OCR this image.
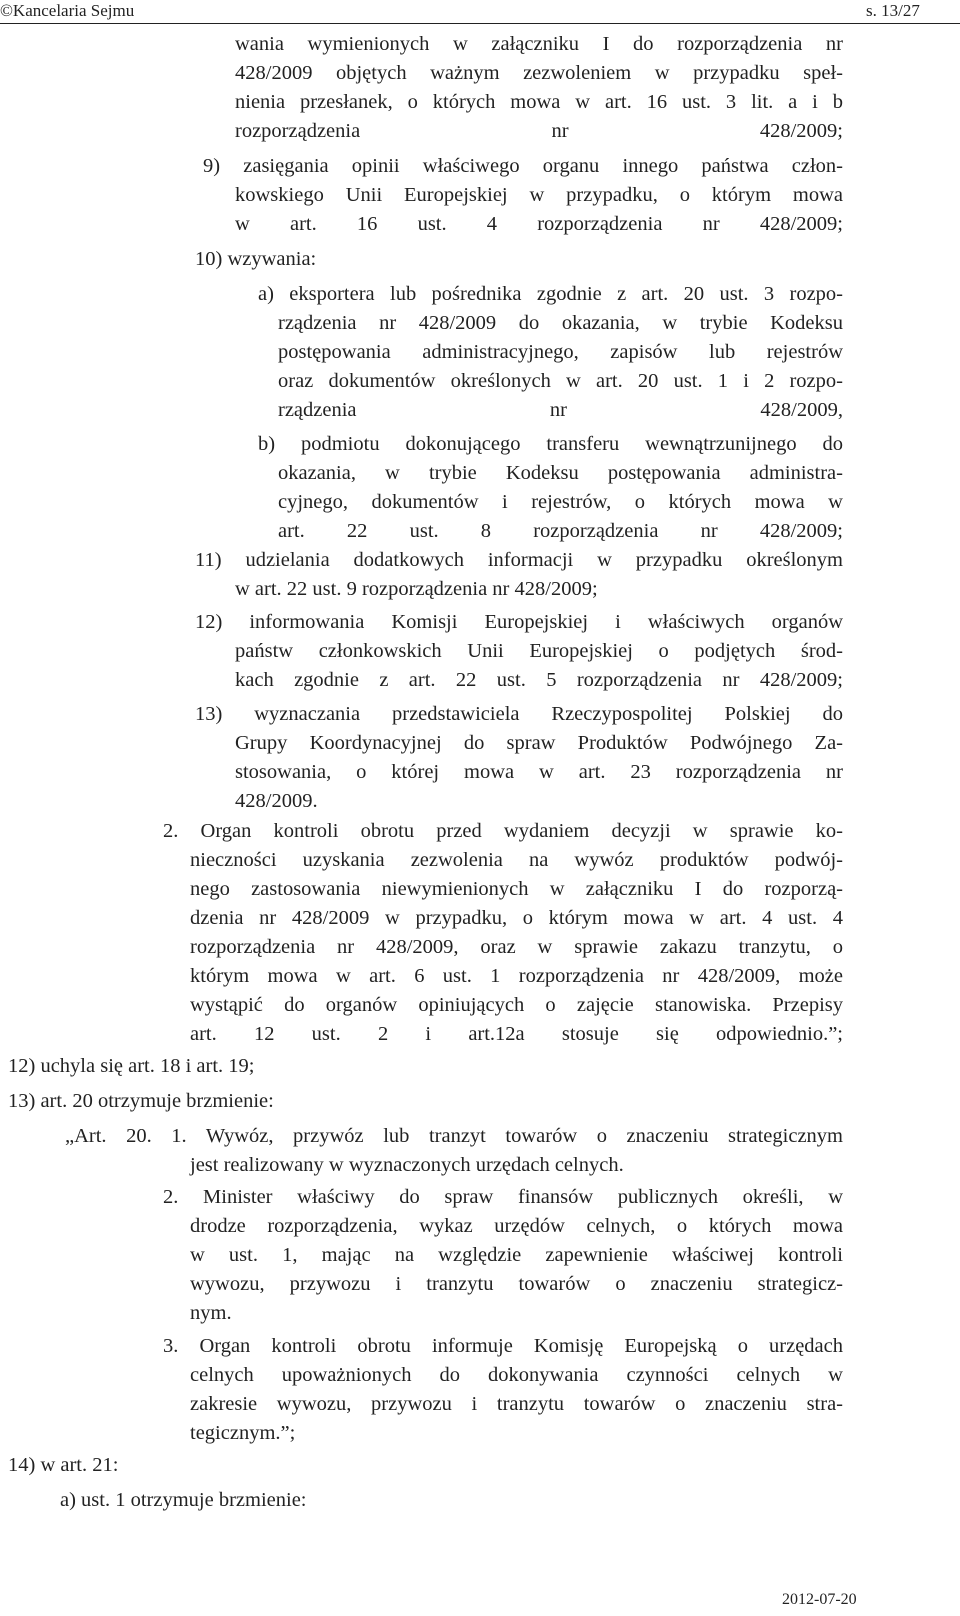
©Kancelaria Sejmu	s. 13/27

wania wymienionych w załączniku I do rozporządzenia nr
428/2009 objętych ważnym zezwoleniem w przypadku speł-
nienia przesłanek, o których mowa w art. 16 ust. 3 lit. a i b
rozporządzenia nr 428/2009;

9) zasięgania opinii właściwego organu innego państwa człon-

kowskiego Unii Europejskiej w przypadku, o którym mowa
w art. 16 ust. 4 rozporządzenia nr 428/2009;

10) wzywania:

a) eksportera lub pośrednika zgodnie z art. 20 ust. 3 rozpo-

rządzenia nr 428/2009 do okazania, w trybie Kodeksu
postępowania administracyjnego, zapisów lub rejestrów
oraz dokumentów określonych w art. 20 ust. 1 i 2 rozpo-
rządzenia nr 428/2009,

b) podmiotu dokonującego transferu wewnątrzunijnego do

okazania, w trybie Kodeksu postępowania administra-
cyjnego, dokumentów i rejestrów, o których mowa w
art. 22 ust. 8 rozporządzenia nr 428/2009;

11) udzielania dodatkowych informacji w przypadku określonym

w art. 22 ust. 9 rozporządzenia nr 428/2009;

12) informowania Komisji Europejskiej i właściwych organów

państw członkowskich Unii Europejskiej o podjętych środ-
kach zgodnie z art. 22 ust. 5 rozporządzenia nr 428/2009;

13) wyznaczania przedstawiciela Rzeczypospolitej Polskiej do

Grupy Koordynacyjnej do spraw Produktów Podwójnego Za-
stosowania, o której mowa w art. 23 rozporządzenia nr
428/2009.

2. Organ kontroli obrotu przed wydaniem decyzji w sprawie ko-

nieczności uzyskania zezwolenia na wywóz produktów podwój-
nego zastosowania niewymienionych w załączniku I do rozporzą-
dzenia nr 428/2009 w przypadku, o którym mowa w art. 4 ust. 4
rozporządzenia nr 428/2009, oraz w sprawie zakazu tranzytu, o
którym mowa w art. 6 ust. 1 rozporządzenia nr 428/2009, może
wystąpić do organów opiniujących o zajęcie stanowiska. Przepisy
art. 12 ust. 2 i art.12a stosuje się odpowiednio.”;

12) uchyla się art. 18 i art. 19;

13) art. 20 otrzymuje brzmienie:

„Art. 20. 1. Wywóz, przywóz lub tranzyt towarów o znaczeniu strategicznym

jest realizowany w wyznaczonych urzędach celnych.

2. Minister właściwy do spraw finansów publicznych określi, w

drodze rozporządzenia, wykaz urzędów celnych, o których mowa
w ust. 1, mając na względzie zapewnienie właściwej kontroli
wywozu, przywozu i tranzytu towarów o znaczeniu strategicz-
nym.

3. Organ kontroli obrotu informuje Komisję Europejską o urzędach

celnych upoważnionych do dokonywania czynności celnych w
zakresie wywozu, przywozu i tranzytu towarów o znaczeniu stra-
tegicznym.”;

14) w art. 21:

a) ust. 1 otrzymuje brzmienie:

2012-07-20
